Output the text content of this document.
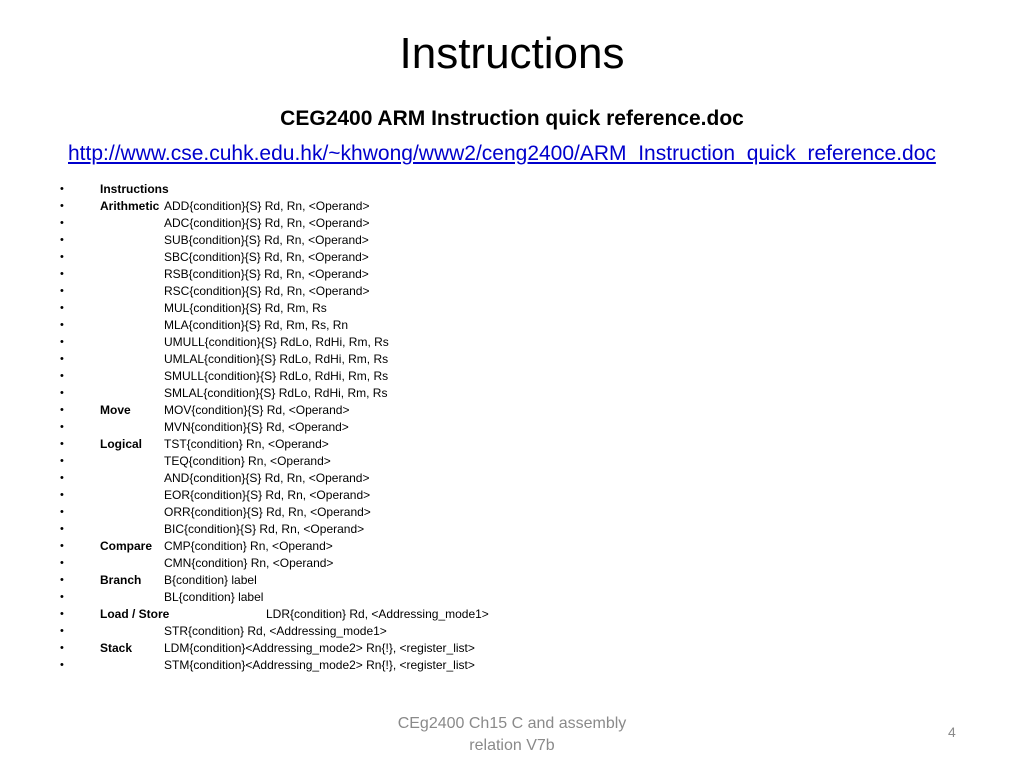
Instructions
CEG2400 ARM Instruction quick reference.doc
http://www.cse.cuhk.edu.hk/~khwong/www2/ceng2400/ARM_Instruction_quick_reference.doc
•	Instructions
•	Arithmetic ADD{condition}{S} Rd, Rn, <Operand>
•	ADC{condition}{S} Rd, Rn, <Operand>
•	SUB{condition}{S} Rd, Rn, <Operand>
•	SBC{condition}{S} Rd, Rn, <Operand>
•	RSB{condition}{S} Rd, Rn, <Operand>
•	RSC{condition}{S} Rd, Rn, <Operand>
•	MUL{condition}{S} Rd, Rm, Rs
•	MLA{condition}{S} Rd, Rm, Rs, Rn
•	UMULL{condition}{S} RdLo, RdHi, Rm, Rs
•	UMLAL{condition}{S} RdLo, RdHi, Rm, Rs
•	SMULL{condition}{S} RdLo, RdHi, Rm, Rs
•	SMLAL{condition}{S} RdLo, RdHi, Rm, Rs
•	Move	MOV{condition}{S} Rd, <Operand>
•	MVN{condition}{S} Rd, <Operand>
•	Logical TST{condition} Rn, <Operand>
•	TEQ{condition} Rn, <Operand>
•	AND{condition}{S} Rd, Rn, <Operand>
•	EOR{condition}{S} Rd, Rn, <Operand>
•	ORR{condition}{S} Rd, Rn, <Operand>
•	BIC{condition}{S} Rd, Rn, <Operand>
•	Compare CMP{condition} Rn, <Operand>
•	CMN{condition} Rn, <Operand>
•	Branch B{condition} label
•	BL{condition} label
•	Load / Store	LDR{condition} Rd, <Addressing_mode1>
•	STR{condition} Rd, <Addressing_mode1>
•	Stack	LDM{condition}<Addressing_mode2> Rn{!}, <register_list>
•	STM{condition}<Addressing_mode2> Rn{!}, <register_list>
CEg2400 Ch15 C and assembly relation V7b
4
